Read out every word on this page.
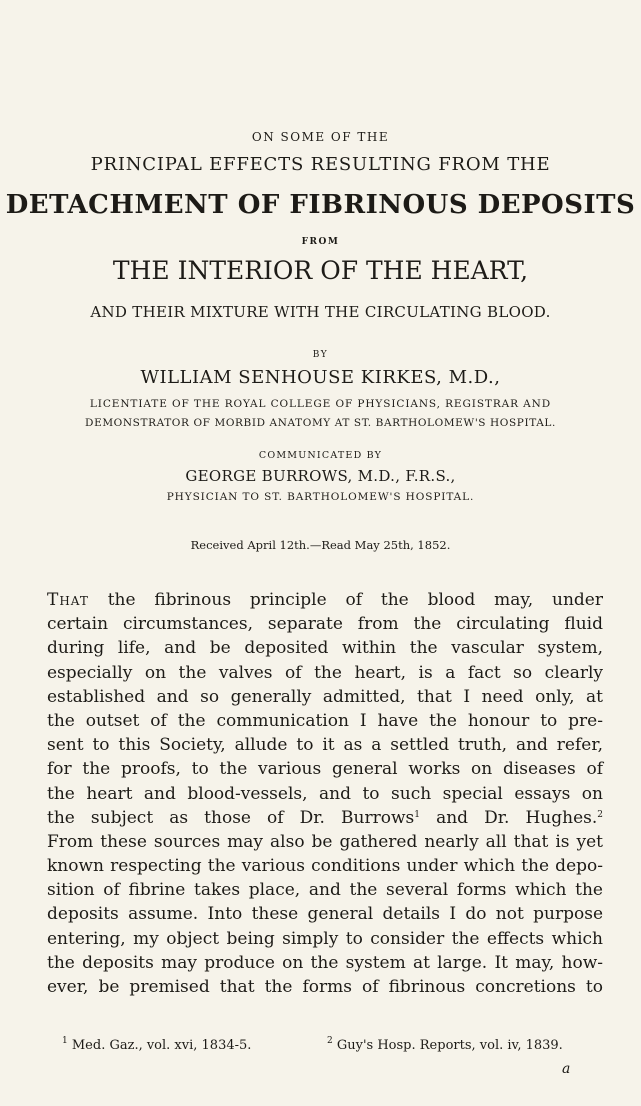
ON SOME OF THE
PRINCIPAL EFFECTS RESULTING FROM THE
DETACHMENT OF FIBRINOUS DEPOSITS
FROM
THE INTERIOR OF THE HEART,
AND THEIR MIXTURE WITH THE CIRCULATING BLOOD.
BY
WILLIAM SENHOUSE KIRKES, M.D.,
LICENTIATE OF THE ROYAL COLLEGE OF PHYSICIANS, REGISTRAR AND
DEMONSTRATOR OF MORBID ANATOMY AT ST. BARTHOLOMEW'S HOSPITAL.
COMMUNICATED BY
GEORGE BURROWS, M.D., F.R.S.,
PHYSICIAN TO ST. BARTHOLOMEW'S HOSPITAL.
Received April 12th.—Read May 25th, 1852.
That the fibrinous principle of the blood may, under
certain circumstances, separate from the circulating fluid
during life, and be deposited within the vascular system,
especially on the valves of the heart, is a fact so clearly
established and so generally admitted, that I need only, at
the outset of the communication I have the honour to pre-
sent to this Society, allude to it as a settled truth, and refer,
for the proofs, to the various general works on diseases of
the heart and blood-vessels, and to such special essays on
the subject as those of Dr. Burrows$^1$ and Dr. Hughes.$^2$
From these sources may also be gathered nearly all that is yet
known respecting the various conditions under which the depo-
sition of fibrine takes place, and the several forms which the
deposits assume. Into these general details I do not purpose
entering, my object being simply to consider the effects which
the deposits may produce on the system at large. It may, how-
ever, be premised that the forms of fibrinous concretions to
$^1$ Med. Gaz., vol. xvi, 1834-5.	$^2$ Guy's Hosp. Reports, vol. iv, 1839.
a
